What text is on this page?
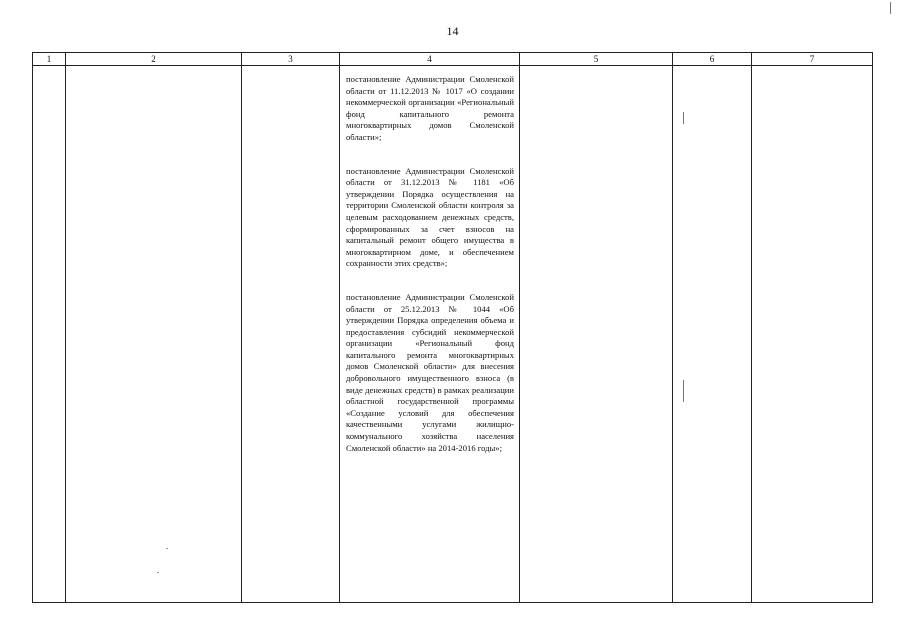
14
1	2	3	4	5	6	7

			постановление Администрации Смоленской области от 11.12.2013 № 1017 «О создании некоммерческой организации «Региональный фонд капитального ремонта многоквартирных домов Смоленской области»;

постановление Администрации Смоленской области от 31.12.2013 № 1181 «Об утверждении Порядка осуществления на территории Смоленской области контроля за целевым расходованием денежных средств, сформированных за счет взносов на капитальный ремонт общего имущества в многоквартирном доме, и обеспечением сохранности этих средств»;

постановление Администрации Смоленской области от 25.12.2013 № 1044 «Об утверждении Порядка определения объема и предоставления субсидий некоммерческой организации «Региональный фонд капитального ремонта многоквартирных домов Смоленской области» для внесения добровольного имущественного взноса (в виде денежных средств) в рамках реализации областной государственной программы «Создание условий для обеспечения качественными услугами жилищно-коммунального хозяйства населения Смоленской области» на 2014-2016 годы»;			
